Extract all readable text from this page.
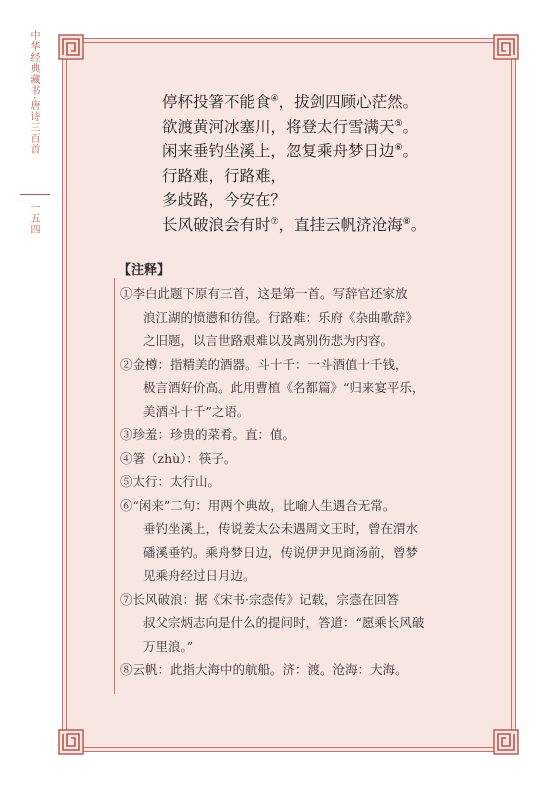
中华经典藏书·唐诗三百首
一五四
停杯投箸不能食④，拔剑四顾心茫然。
欲渡黄河冰塞川，将登太行雪满天⑤。
闲来垂钓坐溪上，忽复乘舟梦日边⑥。
行路难，行路难，
多歧路，今安在？
长风破浪会有时⑦，直挂云帆济沧海⑧。
【注释】
①李白此题下原有三首，这是第一首。写辞官还家放
浪江湖的愤懑和彷徨。行路难：乐府《杂曲歌辞》
之旧题，以言世路艰难以及离别伤悲为内容。
②金樽：指精美的酒器。斗十千：一斗酒值十千钱，
极言酒好价高。此用曹植《名都篇》“归来宴平乐，
美酒斗十千”之语。
③珍羞：珍贵的菜肴。直：值。
④箸（zhù）：筷子。
⑤太行：太行山。
⑥“闲来”二句：用两个典故，比喻人生遇合无常。
垂钓坐溪上，传说姜太公未遇周文王时，曾在渭水
磻溪垂钓。乘舟梦日边，传说伊尹见商汤前，曾梦
见乘舟经过日月边。
⑦长风破浪：据《宋书·宗悫传》记载，宗悫在回答
叔父宗炳志向是什么的提问时，答道：“愿乘长风破
万里浪。”
⑧云帆：此指大海中的航船。济：渡。沧海：大海。
